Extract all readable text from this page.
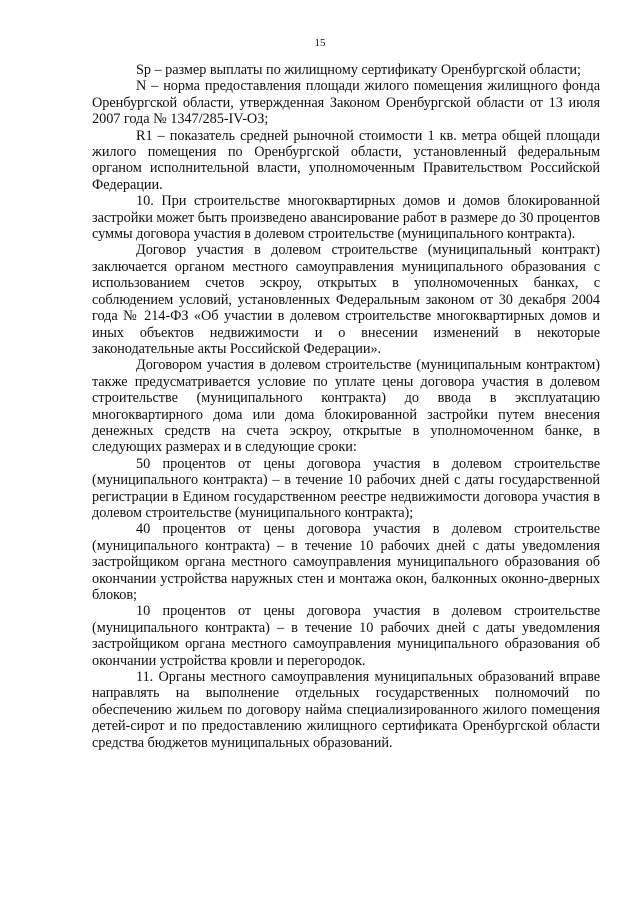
15

Sp – размер выплаты по жилищному сертификату Оренбургской области;

N – норма предоставления площади жилого помещения жилищного фонда Оренбургской области, утвержденная Законом Оренбургской области от 13 июля 2007 года № 1347/285-IV-ОЗ;

R1 – показатель средней рыночной стоимости 1 кв. метра общей площади жилого помещения по Оренбургской области, установленный федеральным органом исполнительной власти, уполномоченным Правительством Российской Федерации.

10. При строительстве многоквартирных домов и домов блокированной застройки может быть произведено авансирование работ в размере до 30 процентов суммы договора участия в долевом строительстве (муниципального контракта).

Договор участия в долевом строительстве (муниципальный контракт) заключается органом местного самоуправления муниципального образования с использованием счетов эскроу, открытых в уполномоченных банках, с соблюдением условий, установленных Федеральным законом от 30 декабря 2004 года № 214-ФЗ «Об участии в долевом строительстве многоквартирных домов и иных объектов недвижимости и о внесении изменений в некоторые законодательные акты Российской Федерации».

Договором участия в долевом строительстве (муниципальным контрактом) также предусматривается условие по уплате цены договора участия в долевом строительстве (муниципального контракта) до ввода в эксплуатацию многоквартирного дома или дома блокированной застройки путем внесения денежных средств на счета эскроу, открытые в уполномоченном банке, в следующих размерах и в следующие сроки:

50 процентов от цены договора участия в долевом строительстве (муниципального контракта) – в течение 10 рабочих дней с даты государственной регистрации в Едином государственном реестре недвижимости договора участия в долевом строительстве (муниципального контракта);

40 процентов от цены договора участия в долевом строительстве (муниципального контракта) – в течение 10 рабочих дней с даты уведомления застройщиком органа местного самоуправления муниципального образования об окончании устройства наружных стен и монтажа окон, балконных оконно-дверных блоков;

10 процентов от цены договора участия в долевом строительстве (муниципального контракта) – в течение 10 рабочих дней с даты уведомления застройщиком органа местного самоуправления муниципального образования об окончании устройства кровли и перегородок.

11. Органы местного самоуправления муниципальных образований вправе направлять на выполнение отдельных государственных полномочий по обеспечению жильем по договору найма специализированного жилого помещения детей-сирот и по предоставлению жилищного сертификата Оренбургской области средства бюджетов муниципальных образований.
